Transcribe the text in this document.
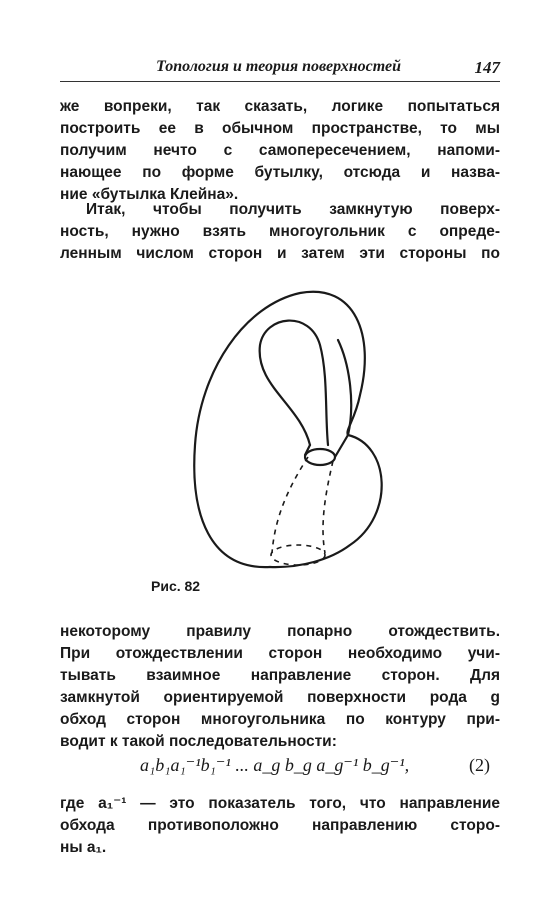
Топология и теория поверхностей	147
же вопреки, так сказать, логике попытаться
построить ее в обычном пространстве, то мы
получим нечто с самопересечением, напоми-
нающее по форме бутылку, отсюда и назва-
ние «бутылка Клейна».
Итак, чтобы получить замкнутую поверх-
ность, нужно взять многоугольник с опреде-
ленным числом сторон и затем эти стороны по
Рис. 82
некоторому правилу попарно отождествить.
При отождествлении сторон необходимо учи-
тывать взаимное направление сторон. Для
замкнутой ориентируемой поверхности рода g
обход сторон многоугольника по контуру при-
водит к такой последовательности:
a₁b₁a₁⁻¹b₁⁻¹ ... a_g b_g a_g⁻¹ b_g⁻¹,	(2)
где a₁⁻¹ — это показатель того, что направление
обхода противоположно направлению сторо-
ны a₁.
